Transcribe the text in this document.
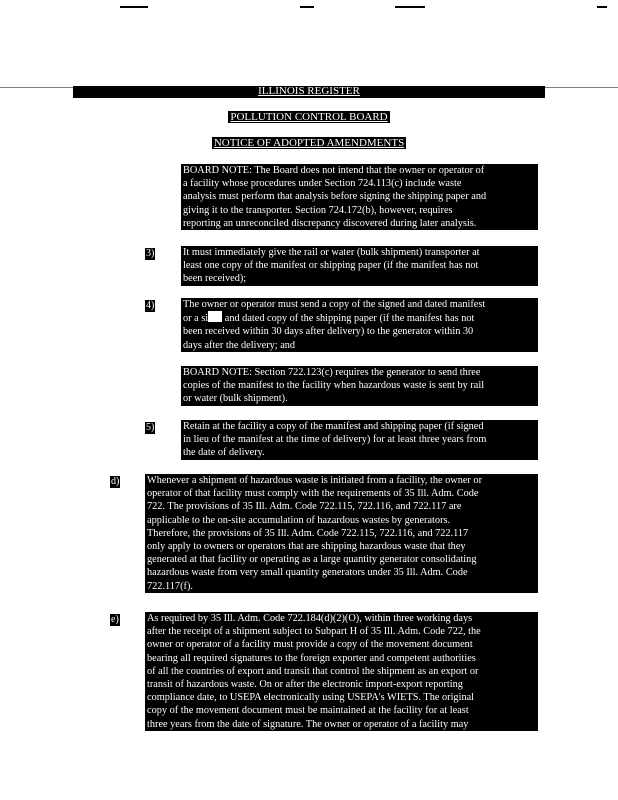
ILLINOIS REGISTER
POLLUTION CONTROL BOARD
NOTICE OF ADOPTED AMENDMENTS
BOARD NOTE: The Board does not intend that the owner or operator of
a facility whose procedures under Section 724.113(c) include waste
analysis must perform that analysis before signing the shipping paper and
giving it to the transporter. Section 724.172(b), however, requires
reporting an unreconciled discrepancy discovered during later analysis.
3)	It must immediately give the rail or water (bulk shipment) transporter at
least one copy of the manifest or shipping paper (if the manifest has not
been received);
4)	The owner or operator must send a copy of the signed and dated manifest
or a si and dated copy of the shipping paper (if the manifest has not
been received within 30 days after delivery) to the generator within 30
days after the delivery; and
BOARD NOTE: Section 722.123(c) requires the generator to send three
copies of the manifest to the facility when hazardous waste is sent by rail
or water (bulk shipment).
5)	Retain at the facility a copy of the manifest and shipping paper (if signed
in lieu of the manifest at the time of delivery) for at least three years from
the date of delivery.
d)	Whenever a shipment of hazardous waste is initiated from a facility, the owner or
operator of that facility must comply with the requirements of 35 Ill. Adm. Code
722. The provisions of 35 Ill. Adm. Code 722.115, 722.116, and 722.117 are
applicable to the on-site accumulation of hazardous wastes by generators.
Therefore, the provisions of 35 Ill. Adm. Code 722.115, 722.116, and 722.117
only apply to owners or operators that are shipping hazardous waste that they
generated at that facility or operating as a large quantity generator consolidating
hazardous waste from very small quantity generators under 35 Ill. Adm. Code
722.117(f).
e)	As required by 35 Ill. Adm. Code 722.184(d)(2)(O), within three working days
after the receipt of a shipment subject to Subpart H of 35 Ill. Adm. Code 722, the
owner or operator of a facility must provide a copy of the movement document
bearing all required signatures to the foreign exporter and competent authorities
of all the countries of export and transit that control the shipment as an export or
transit of hazardous waste. On or after the electronic import-export reporting
compliance date, to USEPA electronically using USEPA's WIETS. The original
copy of the movement document must be maintained at the facility for at least
three years from the date of signature. The owner or operator of a facility may
